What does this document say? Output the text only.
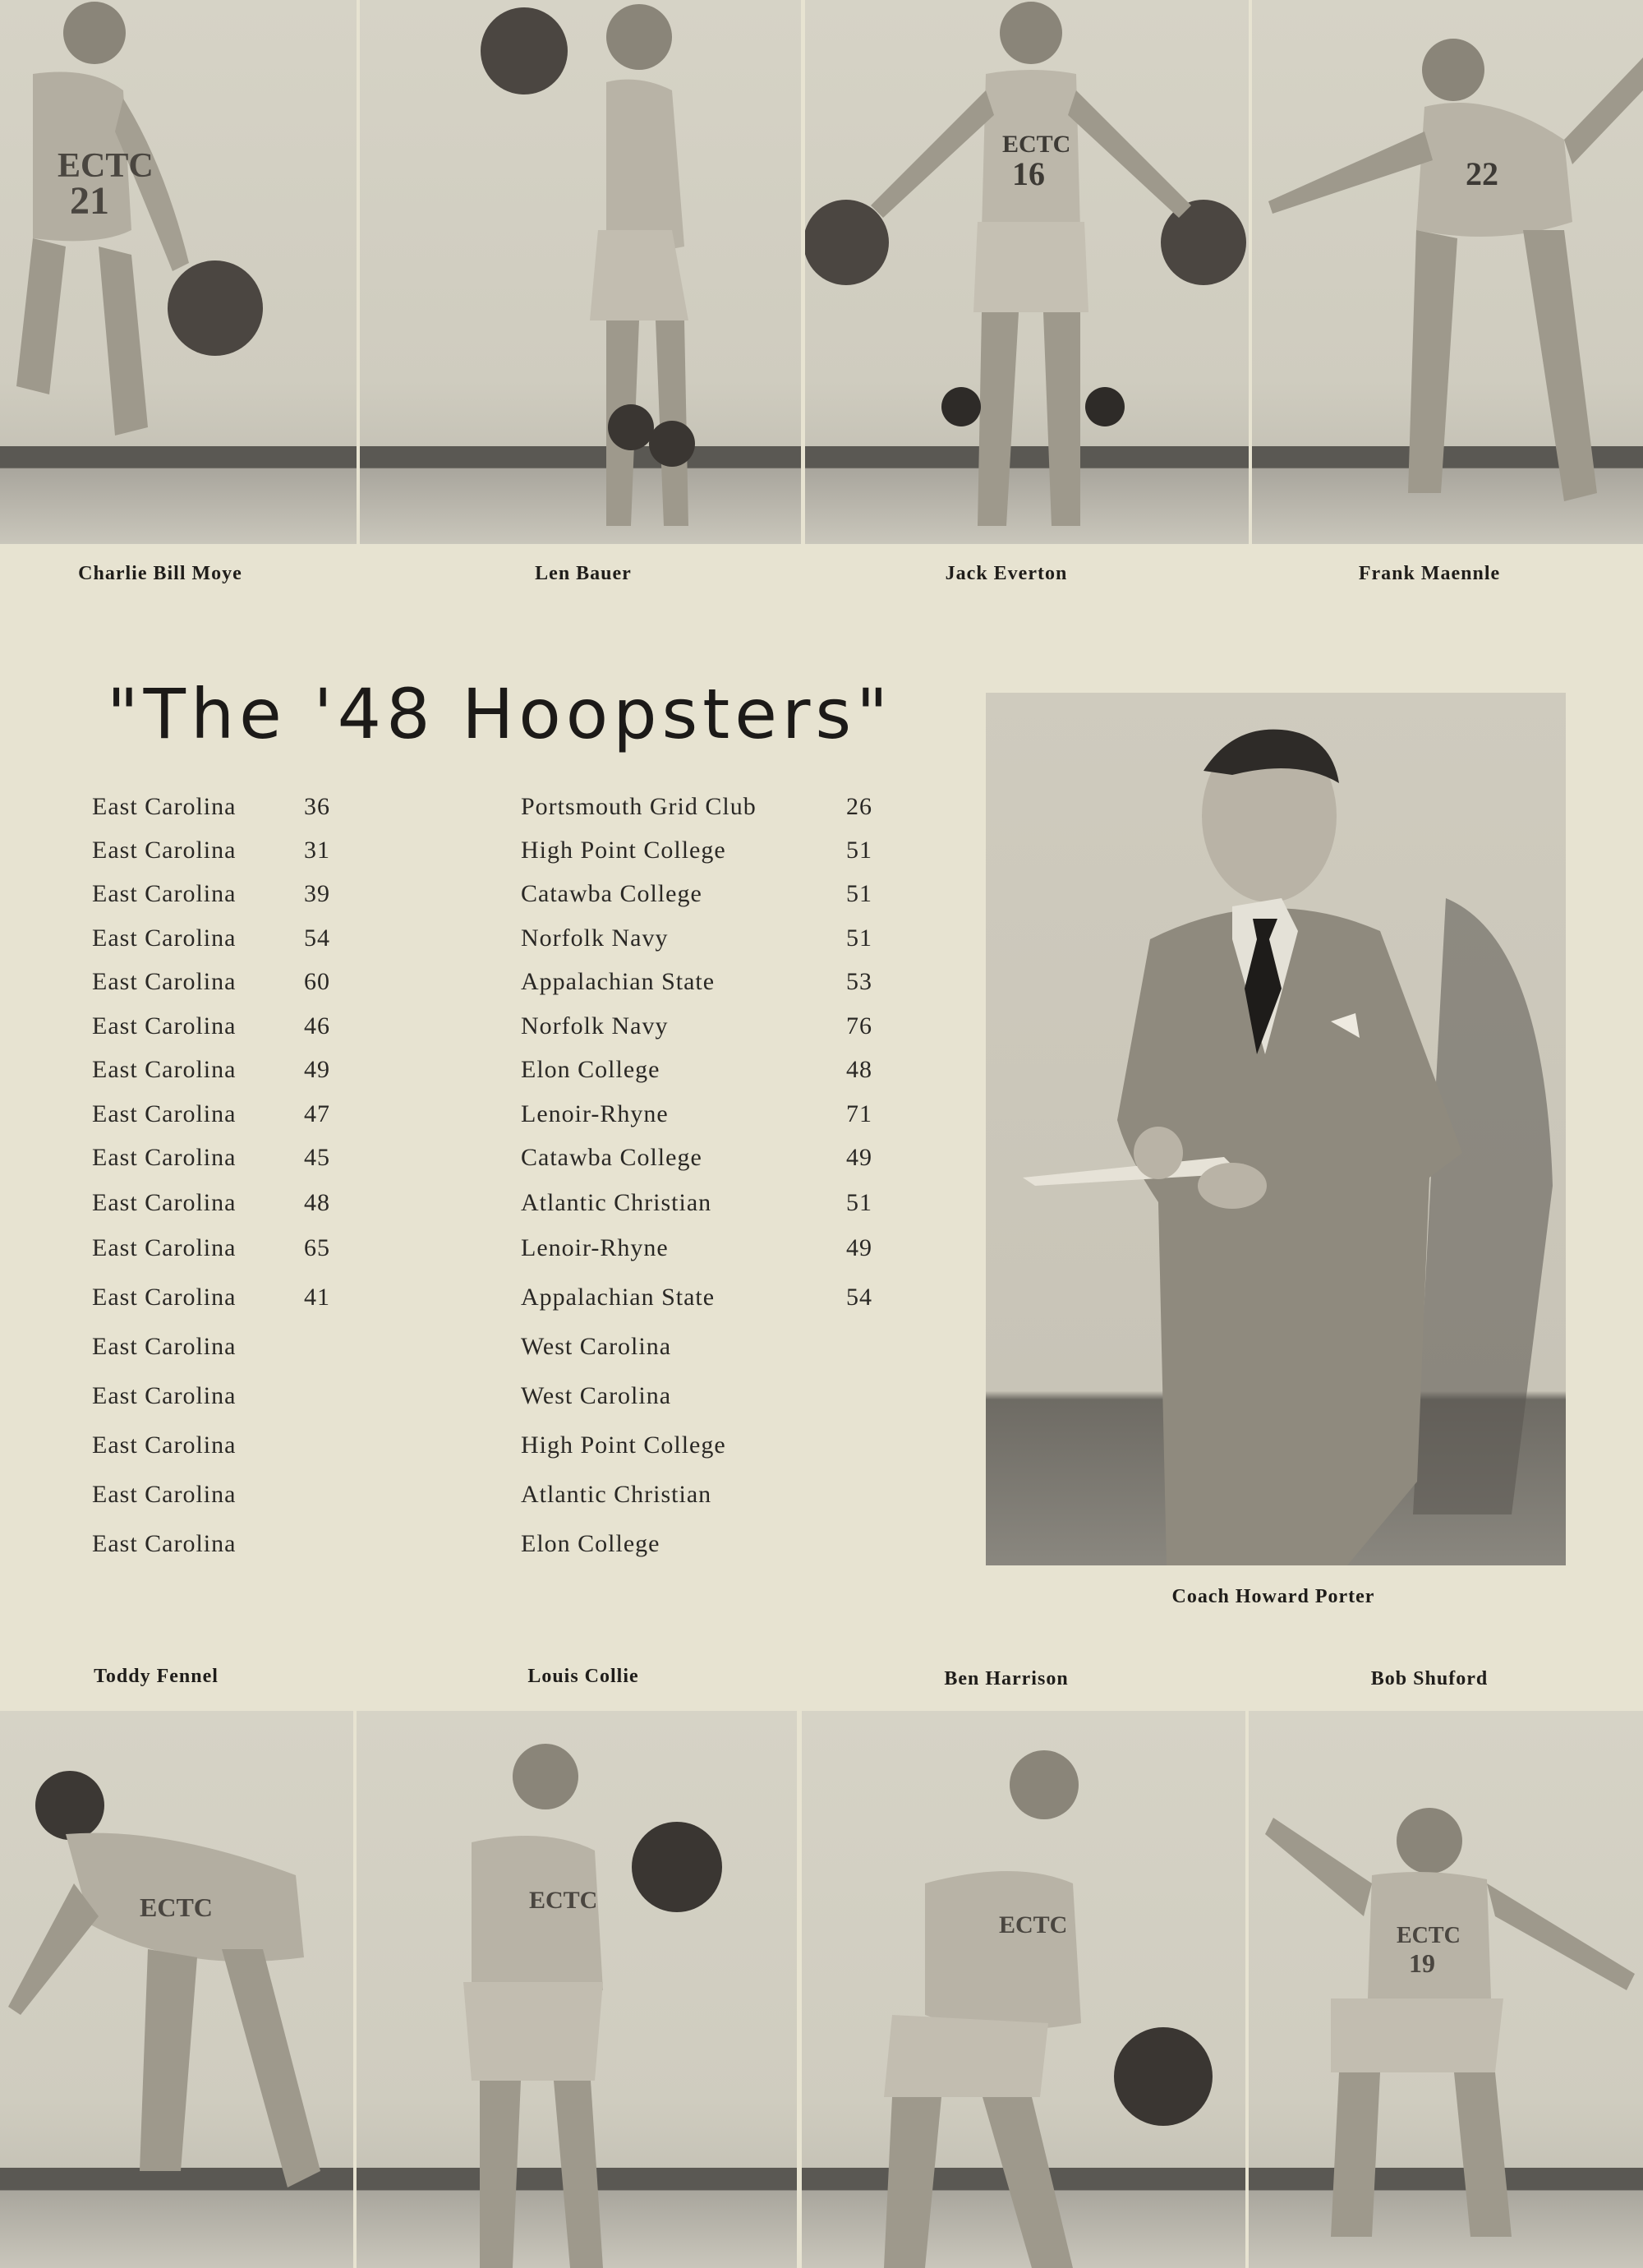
ECTC
21
ECTC
16	22
Charlie Bill Moye	Len Bauer	Jack Everton	Frank Maennle
"The '48 Hoopsters"
East Carolina	36	Portsmouth Grid Club	26
East Carolina	31	High Point College	51
East Carolina	39	Catawba College	51
East Carolina	54	Norfolk Navy	51
East Carolina	60	Appalachian State	53
East Carolina	46	Norfolk Navy	76
East Carolina	49	Elon College	48
East Carolina	47	Lenoir-Rhyne	71
East Carolina	45	Catawba College	49
East Carolina	48	Atlantic Christian	51
East Carolina	65	Lenoir-Rhyne	49
East Carolina	41	Appalachian State	54
East Carolina	West Carolina
East Carolina	West Carolina
East Carolina	High Point College
East Carolina	Atlantic Christian
East Carolina	Elon College
Coach Howard Porter
Toddy Fennel	Louis Collie	Ben Harrison	Bob Shuford
ECTC	ECTC
ECTC	ECTC
19
